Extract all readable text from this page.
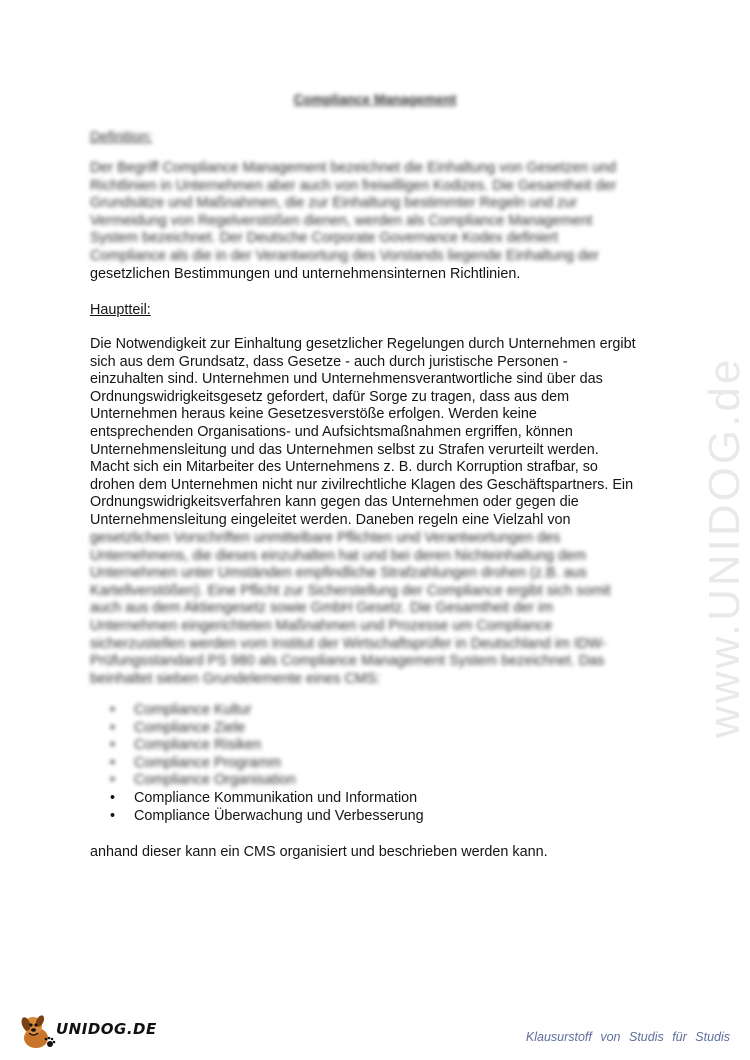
www.UNIDOG.de
Compliance Management
Definition:

Der Begriff Compliance Management bezeichnet die Einhaltung von Gesetzen und Richtlinien in Unternehmen aber auch von freiwilligen Kodizes. Die Gesamtheit der Grundsätze und Maßnahmen, die zur Einhaltung bestimmter Regeln und zur Vermeidung von Regelverstößen dienen, werden als Compliance Management System bezeichnet. Der Deutsche Corporate Governance Kodex definiert Compliance als die in der Verantwortung des Vorstands liegende Einhaltung der

gesetzlichen Bestimmungen und unternehmensinternen Richtlinien.

Hauptteil:

Die Notwendigkeit zur Einhaltung gesetzlicher Regelungen durch Unternehmen ergibt sich aus dem Grundsatz, dass Gesetze - auch durch juristische Personen - einzuhalten sind. Unternehmen und Unternehmensverantwortliche sind über das Ordnungswidrigkeitsgesetz gefordert, dafür Sorge zu tragen, dass aus dem Unternehmen heraus keine Gesetzesverstöße erfolgen. Werden keine entsprechenden Organisations- und Aufsichtsmaßnahmen ergriffen, können Unternehmensleitung und das Unternehmen selbst zu Strafen verurteilt werden. Macht sich ein Mitarbeiter des Unternehmens z. B. durch Korruption strafbar, so drohen dem Unternehmen nicht nur zivilrechtliche Klagen des Geschäftspartners. Ein Ordnungswidrigkeitsverfahren kann gegen das Unternehmen oder gegen die Unternehmensleitung eingeleitet werden. Daneben regeln eine Vielzahl von

gesetzlichen Vorschriften unmittelbare Pflichten und Verantwortungen des Unternehmens, die dieses einzuhalten hat und bei deren Nichteinhaltung dem Unternehmen unter Umständen empfindliche Strafzahlungen drohen (z.B. aus Kartellverstößen). Eine Pflicht zur Sicherstellung der Compliance ergibt sich somit auch aus dem Aktiengesetz sowie GmbH Gesetz. Die Gesamtheit der im Unternehmen eingerichteten Maßnahmen und Prozesse um Compliance sicherzustellen werden vom Institut der Wirtschaftsprüfer in Deutschland im IDW-Prüfungsstandard PS 980 als Compliance Management System bezeichnet. Das beinhaltet sieben Grundelemente eines CMS:

• Compliance Kultur
• Compliance Ziele
• Compliance Risiken
• Compliance Programm
• Compliance Organisation
• Compliance Kommunikation und Information
• Compliance Überwachung und Verbesserung

anhand dieser kann ein CMS organisiert und beschrieben werden kann.

UNIDOG.DE	Klausurstoff von Studis für Studis
